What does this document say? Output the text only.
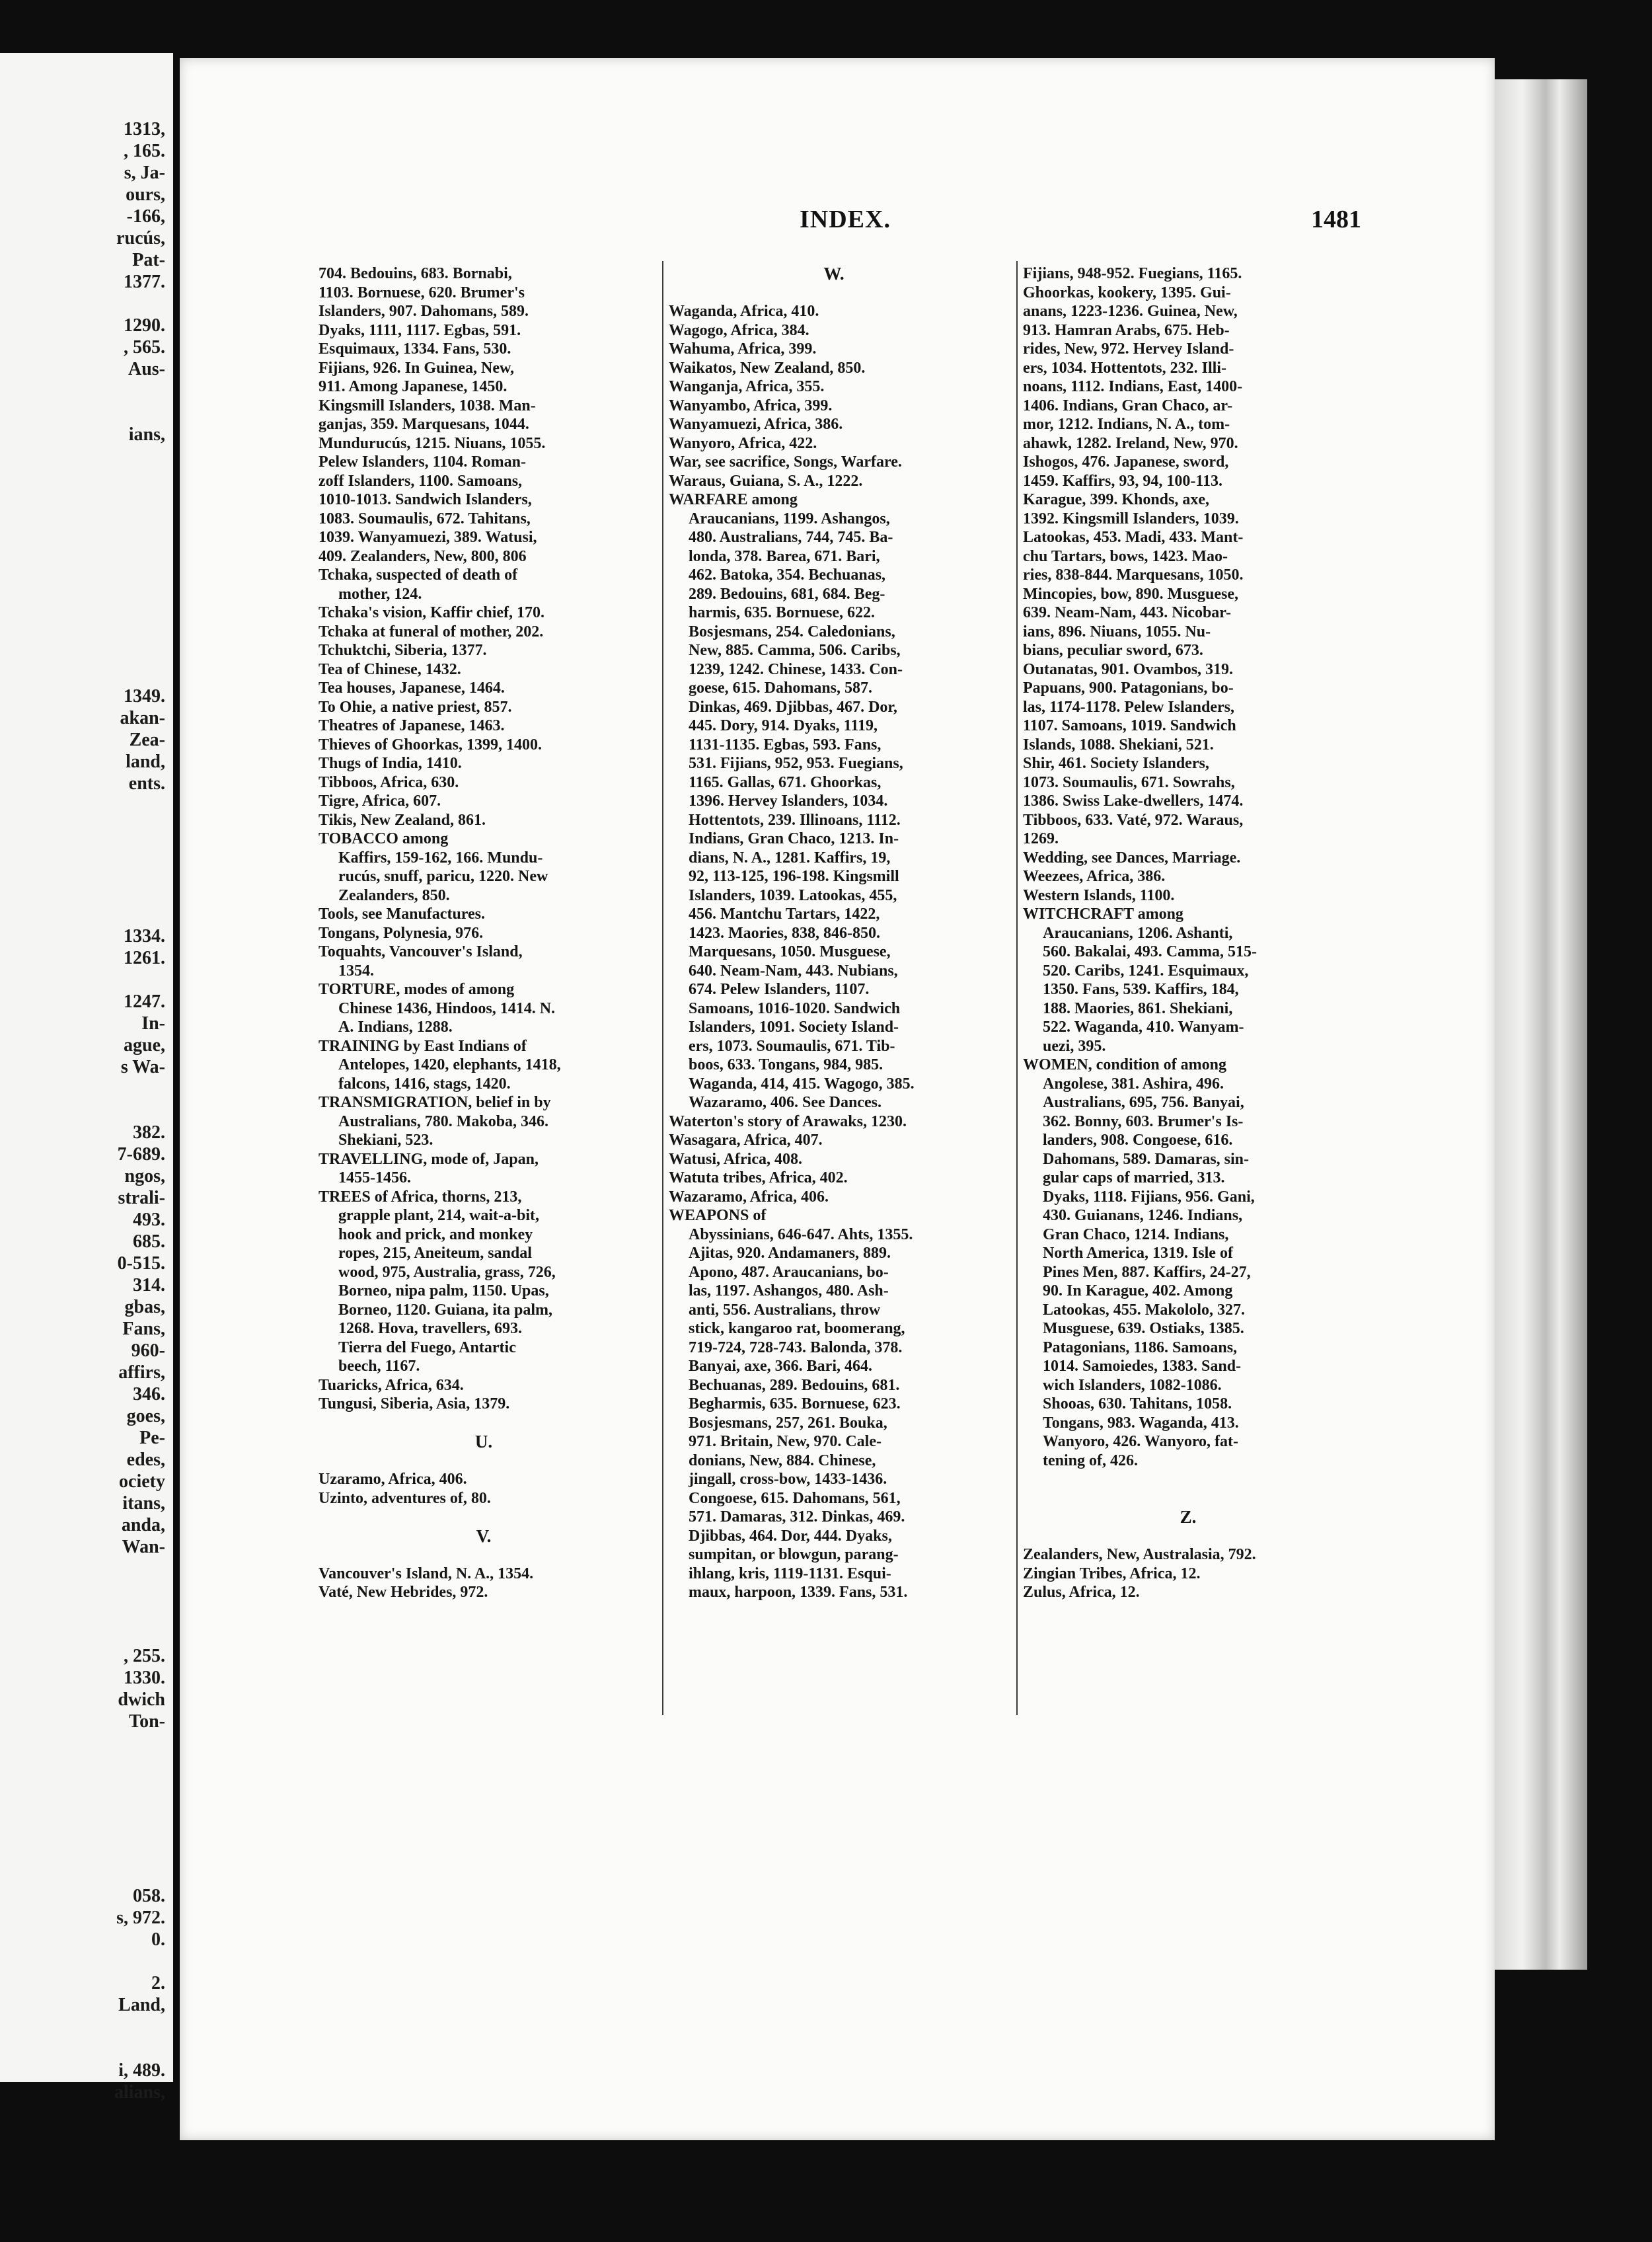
1313,
, 165.
s, Ja-
ours,
-166,
rucús,
Pat-
1377.
1290.
, 565.
Aus-
ians,
1349.
akan-
Zea-
land,
ents.
1334.
1261.
1247.
In-
ague,
s Wa-
382.
7-689.
ngos,
strali-
493.
685.
0-515.
314.
gbas,
Fans,
960-
affirs,
346.
goes,
Pe-
edes,
ociety
itans,
anda,
Wan-
, 255.
1330.
dwich
Ton-
058.
s, 972.
0.
2.
Land,
i, 489.
alians,
INDEX.	1481
704. Bedouins, 683. Bornabi,
1103. Bornuese, 620. Brumer's
Islanders, 907. Dahomans, 589.
Dyaks, 1111, 1117. Egbas, 591.
Esquimaux, 1334. Fans, 530.
Fijians, 926. In Guinea, New,
911. Among Japanese, 1450.
Kingsmill Islanders, 1038. Man-
ganjas, 359. Marquesans, 1044.
Mundurucús, 1215. Niuans, 1055.
Pelew Islanders, 1104. Roman-
zoff Islanders, 1100. Samoans,
1010-1013. Sandwich Islanders,
1083. Soumaulis, 672. Tahitans,
1039. Wanyamuezi, 389. Watusi,
409. Zealanders, New, 800, 806
Tchaka, suspected of death of
mother, 124.
Tchaka's vision, Kaffir chief, 170.
Tchaka at funeral of mother, 202.
Tchuktchi, Siberia, 1377.
Tea of Chinese, 1432.
Tea houses, Japanese, 1464.
To Ohie, a native priest, 857.
Theatres of Japanese, 1463.
Thieves of Ghoorkas, 1399, 1400.
Thugs of India, 1410.
Tibboos, Africa, 630.
Tigre, Africa, 607.
Tikis, New Zealand, 861.
TOBACCO among
Kaffirs, 159-162, 166. Mundu-
rucús, snuff, paricu, 1220. New
Zealanders, 850.
Tools, see Manufactures.
Tongans, Polynesia, 976.
Toquahts, Vancouver's Island,
1354.
TORTURE, modes of among
Chinese 1436, Hindoos, 1414. N.
A. Indians, 1288.
TRAINING by East Indians of
Antelopes, 1420, elephants, 1418,
falcons, 1416, stags, 1420.
TRANSMIGRATION, belief in by
Australians, 780. Makoba, 346.
Shekiani, 523.
TRAVELLING, mode of, Japan,
1455-1456.
TREES of Africa, thorns, 213,
grapple plant, 214, wait-a-bit,
hook and prick, and monkey
ropes, 215, Aneiteum, sandal
wood, 975, Australia, grass, 726,
Borneo, nipa palm, 1150. Upas,
Borneo, 1120. Guiana, ita palm,
1268. Hova, travellers, 693.
Tierra del Fuego, Antartic
beech, 1167.
Tuaricks, Africa, 634.
Tungusi, Siberia, Asia, 1379.
U.
Uzaramo, Africa, 406.
Uzinto, adventures of, 80.
V.
Vancouver's Island, N. A., 1354.
Vaté, New Hebrides, 972.
W.
Waganda, Africa, 410.
Wagogo, Africa, 384.
Wahuma, Africa, 399.
Waikatos, New Zealand, 850.
Wanganja, Africa, 355.
Wanyambo, Africa, 399.
Wanyamuezi, Africa, 386.
Wanyoro, Africa, 422.
War, see sacrifice, Songs, Warfare.
Waraus, Guiana, S. A., 1222.
WARFARE among
Araucanians, 1199. Ashangos,
480. Australians, 744, 745. Ba-
londa, 378. Barea, 671. Bari,
462. Batoka, 354. Bechuanas,
289. Bedouins, 681, 684. Beg-
harmis, 635. Bornuese, 622.
Bosjesmans, 254. Caledonians,
New, 885. Camma, 506. Caribs,
1239, 1242. Chinese, 1433. Con-
goese, 615. Dahomans, 587.
Dinkas, 469. Djibbas, 467. Dor,
445. Dory, 914. Dyaks, 1119,
1131-1135. Egbas, 593. Fans,
531. Fijians, 952, 953. Fuegians,
1165. Gallas, 671. Ghoorkas,
1396. Hervey Islanders, 1034.
Hottentots, 239. Illinoans, 1112.
Indians, Gran Chaco, 1213. In-
dians, N. A., 1281. Kaffirs, 19,
92, 113-125, 196-198. Kingsmill
Islanders, 1039. Latookas, 455,
456. Mantchu Tartars, 1422,
1423. Maories, 838, 846-850.
Marquesans, 1050. Musguese,
640. Neam-Nam, 443. Nubians,
674. Pelew Islanders, 1107.
Samoans, 1016-1020. Sandwich
Islanders, 1091. Society Island-
ers, 1073. Soumaulis, 671. Tib-
boos, 633. Tongans, 984, 985.
Waganda, 414, 415. Wagogo, 385.
Wazaramo, 406. See Dances.
Waterton's story of Arawaks, 1230.
Wasagara, Africa, 407.
Watusi, Africa, 408.
Watuta tribes, Africa, 402.
Wazaramo, Africa, 406.
WEAPONS of
Abyssinians, 646-647. Ahts, 1355.
Ajitas, 920. Andamaners, 889.
Apono, 487. Araucanians, bo-
las, 1197. Ashangos, 480. Ash-
anti, 556. Australians, throw
stick, kangaroo rat, boomerang,
719-724, 728-743. Balonda, 378.
Banyai, axe, 366. Bari, 464.
Bechuanas, 289. Bedouins, 681.
Begharmis, 635. Bornuese, 623.
Bosjesmans, 257, 261. Bouka,
971. Britain, New, 970. Cale-
donians, New, 884. Chinese,
jingall, cross-bow, 1433-1436.
Congoese, 615. Dahomans, 561,
571. Damaras, 312. Dinkas, 469.
Djibbas, 464. Dor, 444. Dyaks,
sumpitan, or blowgun, parang-
ihlang, kris, 1119-1131. Esqui-
maux, harpoon, 1339. Fans, 531.
Fijians, 948-952. Fuegians, 1165.
Ghoorkas, kookery, 1395. Gui-
anans, 1223-1236. Guinea, New,
913. Hamran Arabs, 675. Heb-
rides, New, 972. Hervey Island-
ers, 1034. Hottentots, 232. Illi-
noans, 1112. Indians, East, 1400-
1406. Indians, Gran Chaco, ar-
mor, 1212. Indians, N. A., tom-
ahawk, 1282. Ireland, New, 970.
Ishogos, 476. Japanese, sword,
1459. Kaffirs, 93, 94, 100-113.
Karague, 399. Khonds, axe,
1392. Kingsmill Islanders, 1039.
Latookas, 453. Madi, 433. Mant-
chu Tartars, bows, 1423. Mao-
ries, 838-844. Marquesans, 1050.
Mincopies, bow, 890. Musguese,
639. Neam-Nam, 443. Nicobar-
ians, 896. Niuans, 1055. Nu-
bians, peculiar sword, 673.
Outanatas, 901. Ovambos, 319.
Papuans, 900. Patagonians, bo-
las, 1174-1178. Pelew Islanders,
1107. Samoans, 1019. Sandwich
Islands, 1088. Shekiani, 521.
Shir, 461. Society Islanders,
1073. Soumaulis, 671. Sowrahs,
1386. Swiss Lake-dwellers, 1474.
Tibboos, 633. Vaté, 972. Waraus,
1269.
Wedding, see Dances, Marriage.
Weezees, Africa, 386.
Western Islands, 1100.
WITCHCRAFT among
Araucanians, 1206. Ashanti,
560. Bakalai, 493. Camma, 515-
520. Caribs, 1241. Esquimaux,
1350. Fans, 539. Kaffirs, 184,
188. Maories, 861. Shekiani,
522. Waganda, 410. Wanyam-
uezi, 395.
WOMEN, condition of among
Angolese, 381. Ashira, 496.
Australians, 695, 756. Banyai,
362. Bonny, 603. Brumer's Is-
landers, 908. Congoese, 616.
Dahomans, 589. Damaras, sin-
gular caps of married, 313.
Dyaks, 1118. Fijians, 956. Gani,
430. Guianans, 1246. Indians,
Gran Chaco, 1214. Indians,
North America, 1319. Isle of
Pines Men, 887. Kaffirs, 24-27,
90. In Karague, 402. Among
Latookas, 455. Makololo, 327.
Musguese, 639. Ostiaks, 1385.
Patagonians, 1186. Samoans,
1014. Samoiedes, 1383. Sand-
wich Islanders, 1082-1086.
Shooas, 630. Tahitans, 1058.
Tongans, 983. Waganda, 413.
Wanyoro, 426. Wanyoro, fat-
tening of, 426.
Z.
Zealanders, New, Australasia, 792.
Zingian Tribes, Africa, 12.
Zulus, Africa, 12.
